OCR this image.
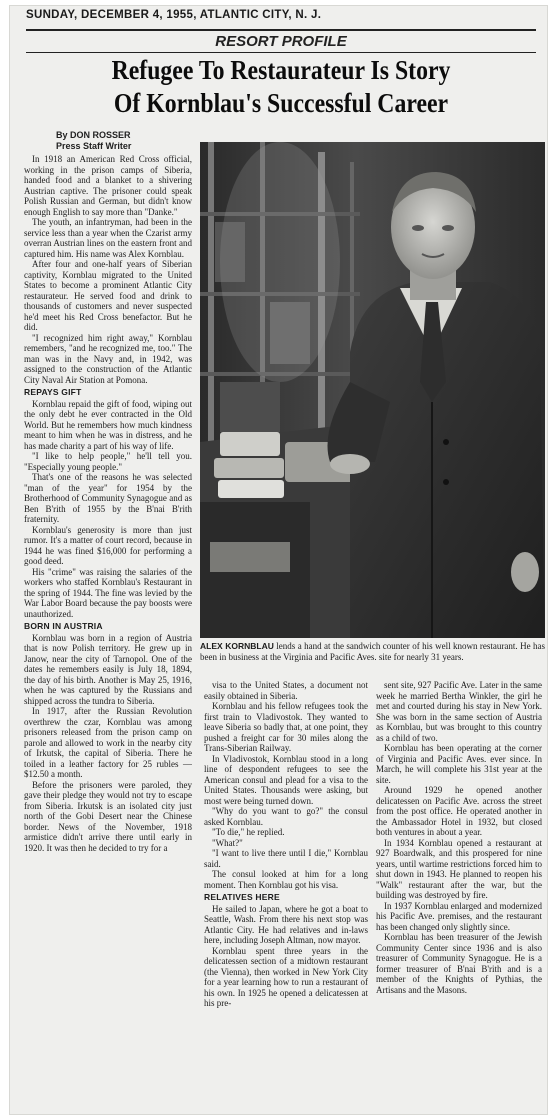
SUNDAY, DECEMBER 4, 1955, ATLANTIC CITY, N. J.
RESORT PROFILE
Refugee To Restaurateur Is Story
Of Kornblau's Successful Career
By DON ROSSER
Press Staff Writer

In 1918 an American Red Cross official, working in the prison camps of Siberia, handed food and a blanket to a shivering Austrian captive. The prisoner could speak Polish Russian and German, but didn't know enough English to say more than "Danke."

The youth, an infantryman, had been in the service less than a year when the Czarist army overran Austrian lines on the eastern front and captured him. His name was Alex Kornblau.

After four and one-half years of Siberian captivity, Kornblau migrated to the United States to become a prominent Atlantic City restaurateur. He served food and drink to thousands of customers and never suspected he'd meet his Red Cross benefactor. But he did.

"I recognized him right away," Kornblau remembers, "and he recognized me, too." The man was in the Navy and, in 1942, was assigned to the construction of the Atlantic City Naval Air Station at Pomona.

REPAYS GIFT

Kornblau repaid the gift of food, wiping out the only debt he ever contracted in the Old World. But he remembers how much kindness meant to him when he was in distress, and he has made charity a part of his way of life.

"I like to help people," he'll tell you. "Especially young people."

That's one of the reasons he was selected "man of the year" for 1954 by the Brotherhood of Community Synagogue and as Ben B'rith of 1955 by the B'nai B'rith fraternity.

Kornblau's generosity is more than just rumor. It's a matter of court record, because in 1944 he was fined $16,000 for performing a good deed.

His "crime" was raising the salaries of the workers who staffed Kornblau's Restaurant in the spring of 1944. The fine was levied by the War Labor Board because the pay boosts were unauthorized.

BORN IN AUSTRIA

Kornblau was born in a region of Austria that is now Polish territory. He grew up in Janow, near the city of Tarnopol. One of the dates he remembers easily is July 18, 1894, the day of his birth. Another is May 25, 1916, when he was captured by the Russians and shipped across the tundra to Siberia.

In 1917, after the Russian Revolution overthrew the czar, Kornblau was among prisoners released from the prison camp on parole and allowed to work in the nearby city of Irkutsk, the capital of Siberia. There he toiled in a leather factory for 25 rubles — $12.50 a month.

Before the prisoners were paroled, they gave their pledge they would not try to escape from Siberia. Irkutsk is an isolated city just north of the Gobi Desert near the Chinese border. News of the November, 1918 armistice didn't arrive there until early in 1920. It was then he decided to try for a

ALEX KORNBLAU lends a hand at the sandwich counter of his well known restaurant. He has been in business at the Virginia and Pacific Aves. site for nearly 31 years.

visa to the United States, a document not easily obtained in Siberia.

Kornblau and his fellow refugees took the first train to Vladivostok. They wanted to leave Siberia so badly that, at one point, they pushed a freight car for 30 miles along the Trans-Siberian Railway.

In Vladivostok, Kornblau stood in a long line of despondent refugees to see the American consul and plead for a visa to the United States. Thousands were asking, but most were being turned down.

"Why do you want to go?" the consul asked Kornblau.

"To die," he replied.

"What?"

"I want to live there until I die," Kornblau said.

The consul looked at him for a long moment. Then Kornblau got his visa.

RELATIVES HERE

He sailed to Japan, where he got a boat to Seattle, Wash. From there his next stop was Atlantic City. He had relatives and in-laws here, including Joseph Altman, now mayor.

Kornblau spent three years in the delicatessen section of a midtown restaurant (the Vienna), then worked in New York City for a year learning how to run a restaurant of his own. In 1925 he opened a delicatessen at his pre-

sent site, 927 Pacific Ave. Later in the same week he married Bertha Winkler, the girl he met and courted during his stay in New York. She was born in the same section of Austria as Kornblau, but was brought to this country as a child of two.

Kornblau has been operating at the corner of Virginia and Pacific Aves. ever since. In March, he will complete his 31st year at the site.

Around 1929 he opened another delicatessen on Pacific Ave. across the street from the post office. He operated another in the Ambassador Hotel in 1932, but closed both ventures in about a year.

In 1934 Kornblau opened a restaurant at 927 Boardwalk, and this prospered for nine years, until wartime restrictions forced him to shut down in 1943. He planned to reopen his "Walk" restaurant after the war, but the building was destroyed by fire.

In 1937 Kornblau enlarged and modernized his Pacific Ave. premises, and the restaurant has been changed only slightly since.

Kornblau has been treasurer of the Jewish Community Center since 1936 and is also treasurer of Community Synagogue. He is a former treasurer of B'nai B'rith and is a member of the Knights of Pythias, the Artisans and the Masons.
